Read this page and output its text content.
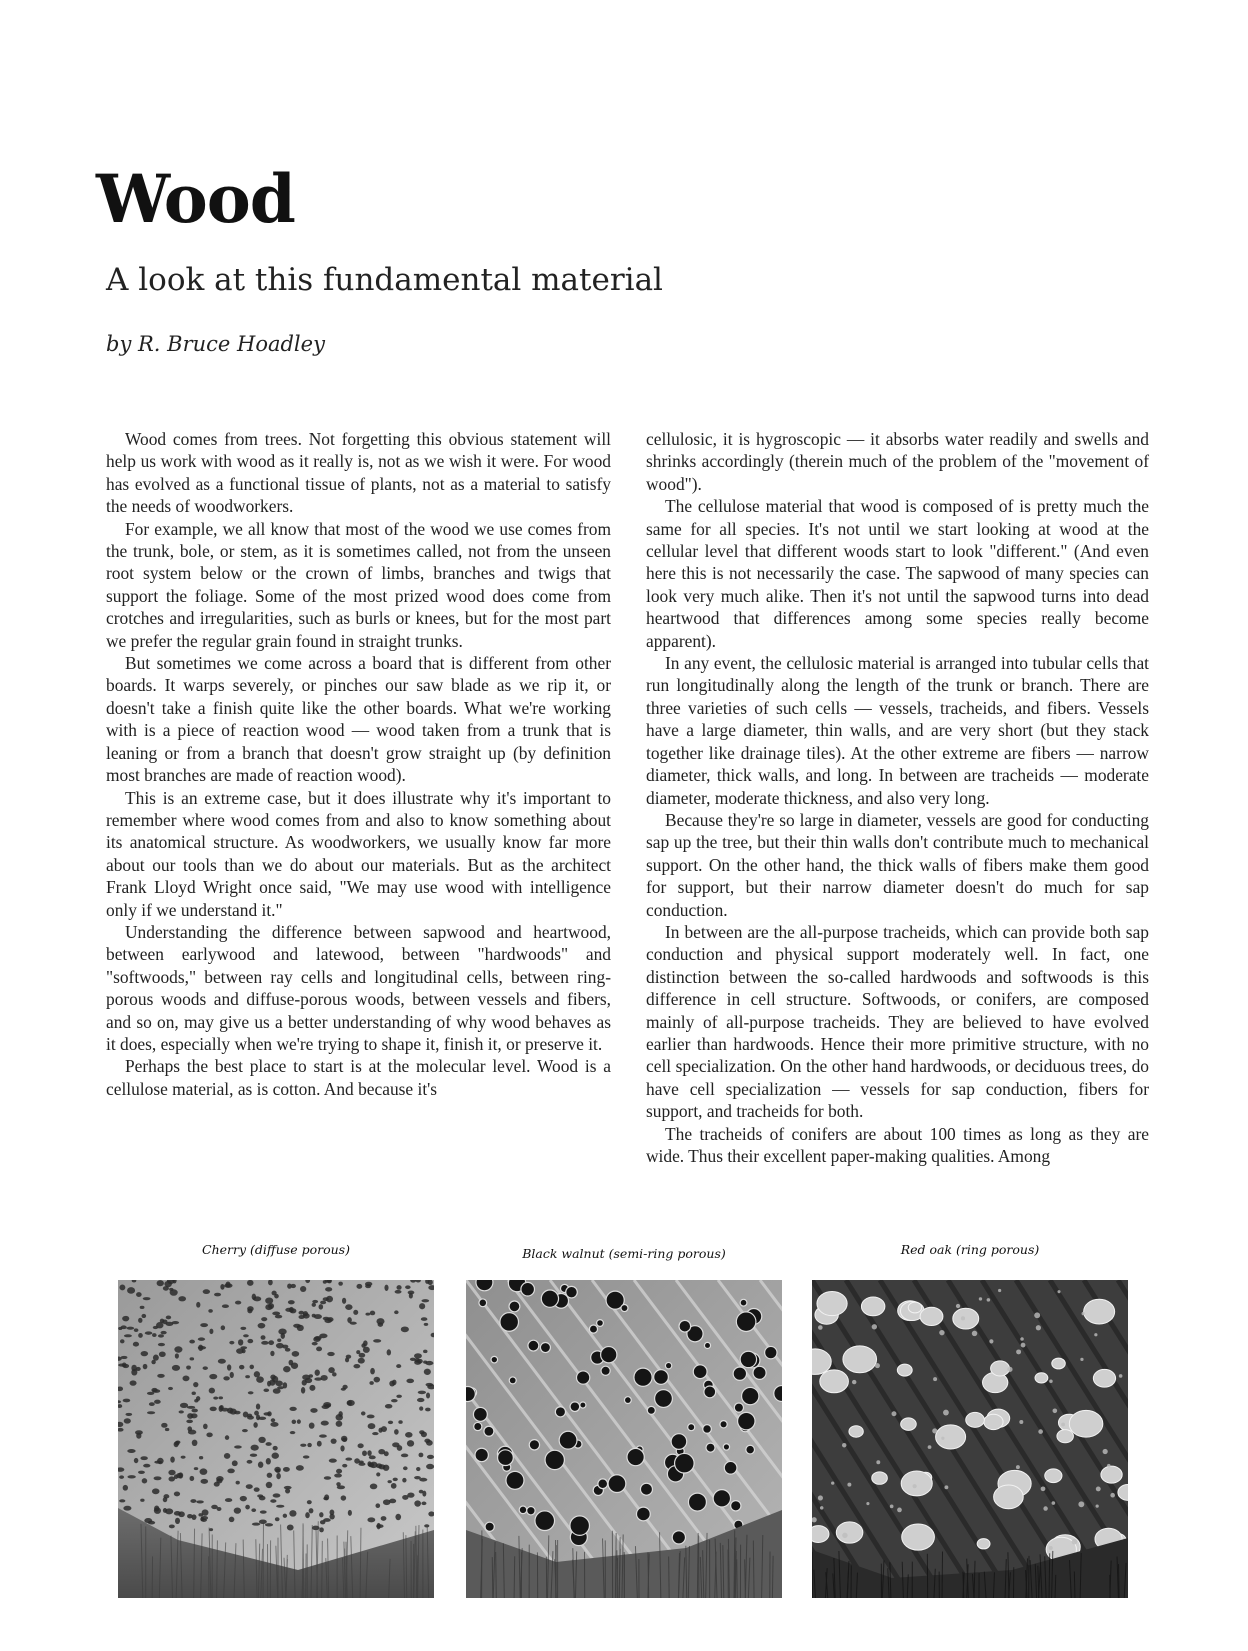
Wood
A look at this fundamental material

by R. Bruce Hoadley

Wood comes from trees. Not forgetting this obvious statement will help us work with wood as it really is, not as we wish it were. For wood has evolved as a functional tissue of plants, not as a material to satisfy the needs of woodworkers.

For example, we all know that most of the wood we use comes from the trunk, bole, or stem, as it is sometimes called, not from the unseen root system below or the crown of limbs, branches and twigs that support the foliage. Some of the most prized wood does come from crotches and irregularities, such as burls or knees, but for the most part we prefer the regular grain found in straight trunks.

But sometimes we come across a board that is different from other boards. It warps severely, or pinches our saw blade as we rip it, or doesn't take a finish quite like the other boards. What we're working with is a piece of reaction wood — wood taken from a trunk that is leaning or from a branch that doesn't grow straight up (by definition most branches are made of reaction wood).

This is an extreme case, but it does illustrate why it's important to remember where wood comes from and also to know something about its anatomical structure. As woodworkers, we usually know far more about our tools than we do about our materials. But as the architect Frank Lloyd Wright once said, "We may use wood with intelligence only if we understand it."

Understanding the difference between sapwood and heartwood, between earlywood and latewood, between "hardwoods" and "softwoods," between ray cells and longitudinal cells, between ring-porous woods and diffuse-porous woods, between vessels and fibers, and so on, may give us a better understanding of why wood behaves as it does, especially when we're trying to shape it, finish it, or preserve it.

Perhaps the best place to start is at the molecular level. Wood is a cellulose material, as is cotton. And because it's

cellulosic, it is hygroscopic — it absorbs water readily and swells and shrinks accordingly (therein much of the problem of the "movement of wood").

The cellulose material that wood is composed of is pretty much the same for all species. It's not until we start looking at wood at the cellular level that different woods start to look "different." (And even here this is not necessarily the case. The sapwood of many species can look very much alike. Then it's not until the sapwood turns into dead heartwood that differences among some species really become apparent).

In any event, the cellulosic material is arranged into tubular cells that run longitudinally along the length of the trunk or branch. There are three varieties of such cells — vessels, tracheids, and fibers. Vessels have a large diameter, thin walls, and are very short (but they stack together like drainage tiles). At the other extreme are fibers — narrow diameter, thick walls, and long. In between are tracheids — moderate diameter, moderate thickness, and also very long.

Because they're so large in diameter, vessels are good for conducting sap up the tree, but their thin walls don't contribute much to mechanical support. On the other hand, the thick walls of fibers make them good for support, but their narrow diameter doesn't do much for sap conduction.

In between are the all-purpose tracheids, which can provide both sap conduction and physical support moderately well. In fact, one distinction between the so-called hardwoods and softwoods is this difference in cell structure. Softwoods, or conifers, are composed mainly of all-purpose tracheids. They are believed to have evolved earlier than hardwoods. Hence their more primitive structure, with no cell specialization. On the other hand hardwoods, or deciduous trees, do have cell specialization — vessels for sap conduction, fibers for support, and tracheids for both.

The tracheids of conifers are about 100 times as long as they are wide. Thus their excellent paper-making qualities. Among

Cherry (diffuse porous)	Black walnut (semi-ring porous)	Red oak (ring porous)
